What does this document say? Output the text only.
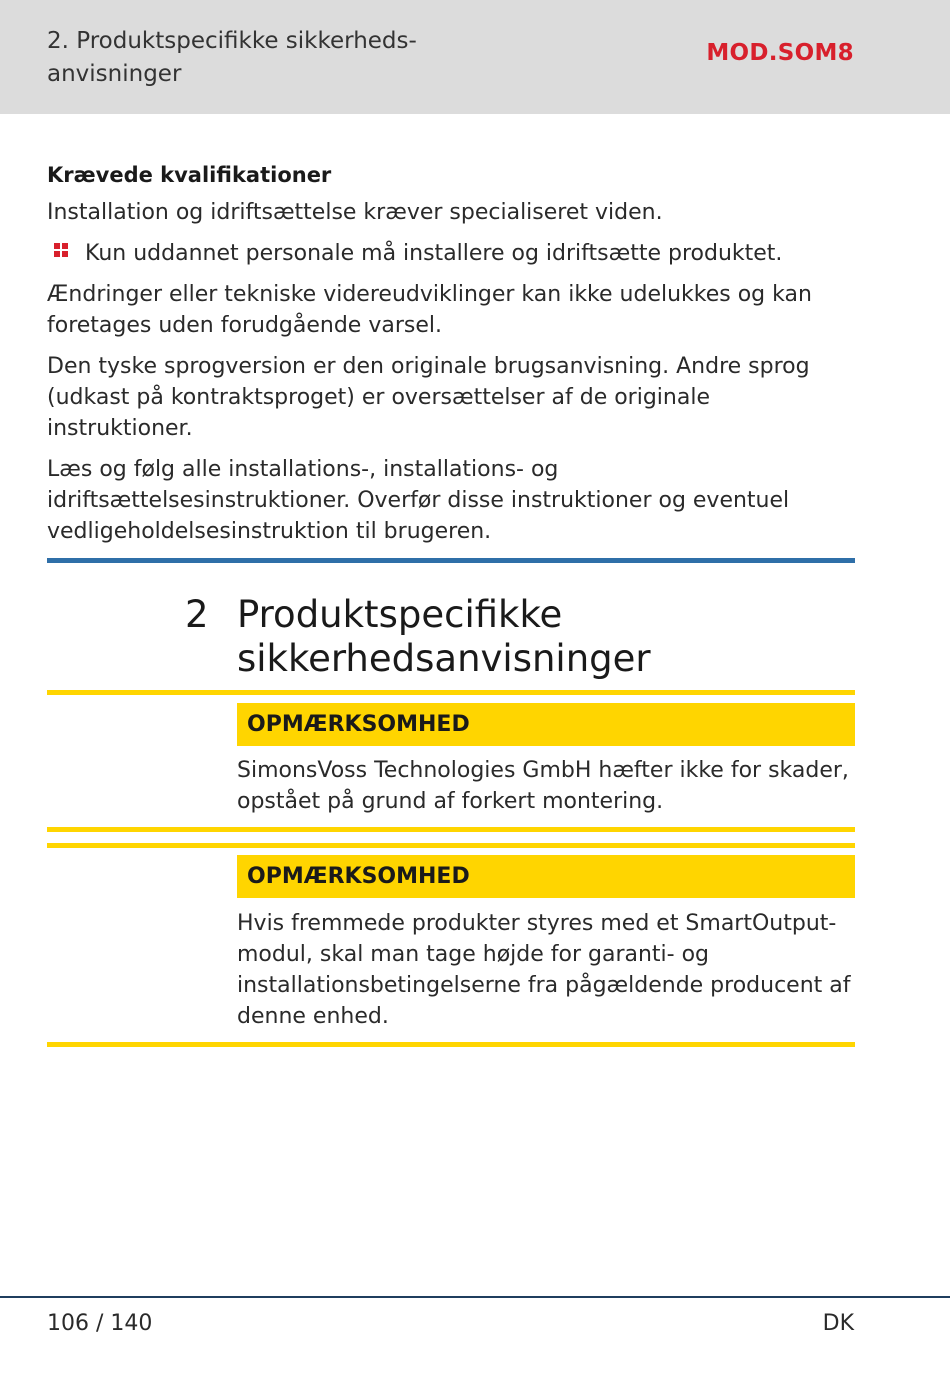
2. Produktspecifikke sikkerheds-
anvisninger
MOD.SOM8
Krævede kvalifikationer

Installation og idriftsættelse kræver specialiseret viden.

Kun uddannet personale må installere og idriftsætte produktet.

Ændringer eller tekniske videreudviklinger kan ikke udelukkes og kan foretages uden forudgående varsel.

Den tyske sprogversion er den originale brugsanvisning. Andre sprog (udkast på kontraktsproget) er oversættelser af de originale instruktioner.

Læs og følg alle installations-, installations- og idriftsættelsesinstruktioner. Overfør disse instruktioner og eventuel vedligeholdelsesinstruktion til brugeren.

2 Produktspecifikke sikkerhedsanvisninger
OPMÆRKSOMHED
SimonsVoss Technologies GmbH hæfter ikke for skader, opstået på grund af forkert montering.
OPMÆRKSOMHED
Hvis fremmede produkter styres med et SmartOutput-modul, skal man tage højde for garanti- og installationsbetingelserne fra pågældende producent af denne enhed.
106 / 140	DK
